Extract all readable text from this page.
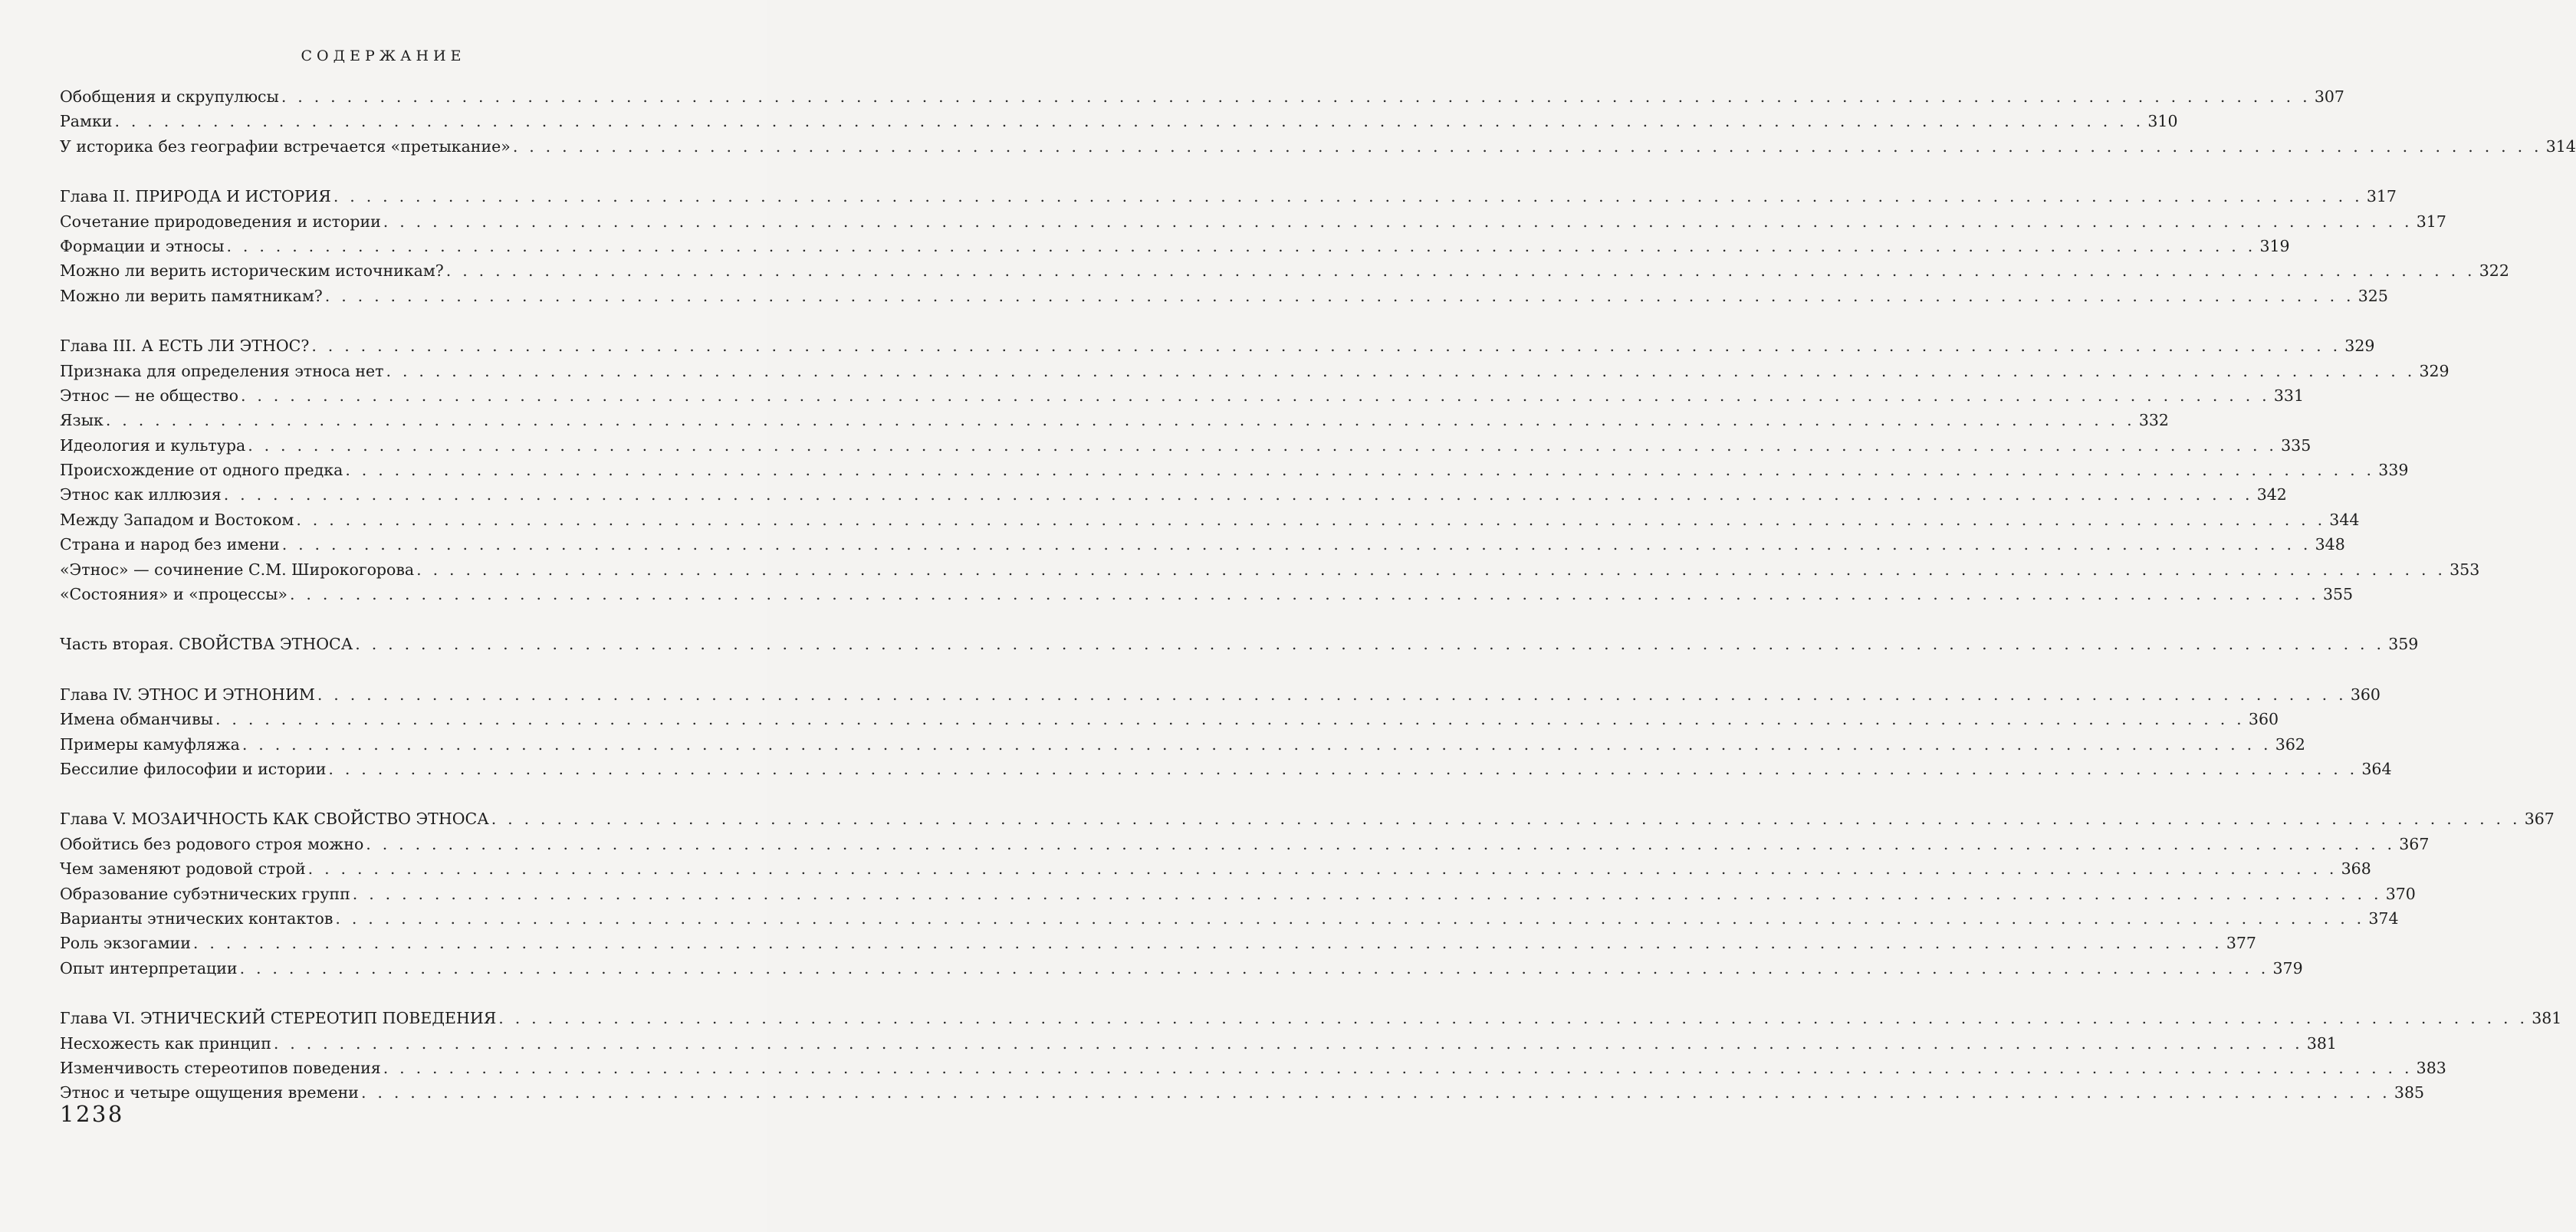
СОДЕРЖАНИЕ
Обобщения и скрупулюсы . . . . . . . . . . . . . . . . . . . . . . . . . . . . . . . . . . . . . . . . . . . . . . . . . . . . . . . . . . . . . . . . . . . . . . . . . . . . . . . . . . . . . . . . . . . . . . . . . . . . . . . . . . . . . . . . . . . . . . . . . . . . 307
Рамки . . . . . . . . . . . . . . . . . . . . . . . . . . . . . . . . . . . . . . . . . . . . . . . . . . . . . . . . . . . . . . . . . . . . . . . . . . . . . . . . . . . . . . . . . . . . . . . . . . . . . . . . . . . . . . . . . . . . . . . . . . . . 310
У историка без географии встречается «претыкание» . . . . . . . . . . . . . . . . . . . . . . . . . . . . . . . . . . . . . . . . . . . . . . . . . . . . . . . . . . . . . . . . . . . . . . . . . . . . . . . . . . . . . . . . . . . . . . . . . . . . . . . . . . . . . . . . . . . . . . . . . . . . 314
Глава II. ПРИРОДА И ИСТОРИЯ . . . . . . . . . . . . . . . . . . . . . . . . . . . . . . . . . . . . . . . . . . . . . . . . . . . . . . . . . . . . . . . . . . . . . . . . . . . . . . . . . . . . . . . . . . . . . . . . . . . . . . . . . . . . . . . . . . . . . . . . . . . . 317
Сочетание природоведения и истории . . . . . . . . . . . . . . . . . . . . . . . . . . . . . . . . . . . . . . . . . . . . . . . . . . . . . . . . . . . . . . . . . . . . . . . . . . . . . . . . . . . . . . . . . . . . . . . . . . . . . . . . . . . . . . . . . . . . . . . . . . . . 317
Формации и этносы . . . . . . . . . . . . . . . . . . . . . . . . . . . . . . . . . . . . . . . . . . . . . . . . . . . . . . . . . . . . . . . . . . . . . . . . . . . . . . . . . . . . . . . . . . . . . . . . . . . . . . . . . . . . . . . . . . . . . . . . . . . . 319
Можно ли верить историческим источникам? . . . . . . . . . . . . . . . . . . . . . . . . . . . . . . . . . . . . . . . . . . . . . . . . . . . . . . . . . . . . . . . . . . . . . . . . . . . . . . . . . . . . . . . . . . . . . . . . . . . . . . . . . . . . . . . . . . . . . . . . . . . . 322
Можно ли верить памятникам? . . . . . . . . . . . . . . . . . . . . . . . . . . . . . . . . . . . . . . . . . . . . . . . . . . . . . . . . . . . . . . . . . . . . . . . . . . . . . . . . . . . . . . . . . . . . . . . . . . . . . . . . . . . . . . . . . . . . . . . . . . . . 325
Глава III. А ЕСТЬ ЛИ ЭТНОС? . . . . . . . . . . . . . . . . . . . . . . . . . . . . . . . . . . . . . . . . . . . . . . . . . . . . . . . . . . . . . . . . . . . . . . . . . . . . . . . . . . . . . . . . . . . . . . . . . . . . . . . . . . . . . . . . . . . . . . . . . . . . 329
Признака для определения этноса нет . . . . . . . . . . . . . . . . . . . . . . . . . . . . . . . . . . . . . . . . . . . . . . . . . . . . . . . . . . . . . . . . . . . . . . . . . . . . . . . . . . . . . . . . . . . . . . . . . . . . . . . . . . . . . . . . . . . . . . . . . . . . 329
Этнос — не общество . . . . . . . . . . . . . . . . . . . . . . . . . . . . . . . . . . . . . . . . . . . . . . . . . . . . . . . . . . . . . . . . . . . . . . . . . . . . . . . . . . . . . . . . . . . . . . . . . . . . . . . . . . . . . . . . . . . . . . . . . . . . 331
Язык . . . . . . . . . . . . . . . . . . . . . . . . . . . . . . . . . . . . . . . . . . . . . . . . . . . . . . . . . . . . . . . . . . . . . . . . . . . . . . . . . . . . . . . . . . . . . . . . . . . . . . . . . . . . . . . . . . . . . . . . . . . . 332
Идеология и культура . . . . . . . . . . . . . . . . . . . . . . . . . . . . . . . . . . . . . . . . . . . . . . . . . . . . . . . . . . . . . . . . . . . . . . . . . . . . . . . . . . . . . . . . . . . . . . . . . . . . . . . . . . . . . . . . . . . . . . . . . . . . 335
Происхождение от одного предка . . . . . . . . . . . . . . . . . . . . . . . . . . . . . . . . . . . . . . . . . . . . . . . . . . . . . . . . . . . . . . . . . . . . . . . . . . . . . . . . . . . . . . . . . . . . . . . . . . . . . . . . . . . . . . . . . . . . . . . . . . . . 339
Этнос как иллюзия . . . . . . . . . . . . . . . . . . . . . . . . . . . . . . . . . . . . . . . . . . . . . . . . . . . . . . . . . . . . . . . . . . . . . . . . . . . . . . . . . . . . . . . . . . . . . . . . . . . . . . . . . . . . . . . . . . . . . . . . . . . . 342
Между Западом и Востоком . . . . . . . . . . . . . . . . . . . . . . . . . . . . . . . . . . . . . . . . . . . . . . . . . . . . . . . . . . . . . . . . . . . . . . . . . . . . . . . . . . . . . . . . . . . . . . . . . . . . . . . . . . . . . . . . . . . . . . . . . . . . 344
Страна и народ без имени . . . . . . . . . . . . . . . . . . . . . . . . . . . . . . . . . . . . . . . . . . . . . . . . . . . . . . . . . . . . . . . . . . . . . . . . . . . . . . . . . . . . . . . . . . . . . . . . . . . . . . . . . . . . . . . . . . . . . . . . . . . . 348
«Этнос» — сочинение С.М. Широкогорова . . . . . . . . . . . . . . . . . . . . . . . . . . . . . . . . . . . . . . . . . . . . . . . . . . . . . . . . . . . . . . . . . . . . . . . . . . . . . . . . . . . . . . . . . . . . . . . . . . . . . . . . . . . . . . . . . . . . . . . . . . . . 353
«Состояния» и «процессы» . . . . . . . . . . . . . . . . . . . . . . . . . . . . . . . . . . . . . . . . . . . . . . . . . . . . . . . . . . . . . . . . . . . . . . . . . . . . . . . . . . . . . . . . . . . . . . . . . . . . . . . . . . . . . . . . . . . . . . . . . . . . 355
Часть вторая. СВОЙСТВА ЭТНОСА . . . . . . . . . . . . . . . . . . . . . . . . . . . . . . . . . . . . . . . . . . . . . . . . . . . . . . . . . . . . . . . . . . . . . . . . . . . . . . . . . . . . . . . . . . . . . . . . . . . . . . . . . . . . . . . . . . . . . . . . . . . . 359
Глава IV. ЭТНОС И ЭТНОНИМ . . . . . . . . . . . . . . . . . . . . . . . . . . . . . . . . . . . . . . . . . . . . . . . . . . . . . . . . . . . . . . . . . . . . . . . . . . . . . . . . . . . . . . . . . . . . . . . . . . . . . . . . . . . . . . . . . . . . . . . . . . . . 360
Имена обманчивы . . . . . . . . . . . . . . . . . . . . . . . . . . . . . . . . . . . . . . . . . . . . . . . . . . . . . . . . . . . . . . . . . . . . . . . . . . . . . . . . . . . . . . . . . . . . . . . . . . . . . . . . . . . . . . . . . . . . . . . . . . . . 360
Примеры камуфляжа . . . . . . . . . . . . . . . . . . . . . . . . . . . . . . . . . . . . . . . . . . . . . . . . . . . . . . . . . . . . . . . . . . . . . . . . . . . . . . . . . . . . . . . . . . . . . . . . . . . . . . . . . . . . . . . . . . . . . . . . . . . . 362
Бессилие философии и истории . . . . . . . . . . . . . . . . . . . . . . . . . . . . . . . . . . . . . . . . . . . . . . . . . . . . . . . . . . . . . . . . . . . . . . . . . . . . . . . . . . . . . . . . . . . . . . . . . . . . . . . . . . . . . . . . . . . . . . . . . . . . 364
Глава V. МОЗАИЧНОСТЬ КАК СВОЙСТВО ЭТНОСА . . . . . . . . . . . . . . . . . . . . . . . . . . . . . . . . . . . . . . . . . . . . . . . . . . . . . . . . . . . . . . . . . . . . . . . . . . . . . . . . . . . . . . . . . . . . . . . . . . . . . . . . . . . . . . . . . . . . . . . . . . . . 367
Обойтись без родового строя можно . . . . . . . . . . . . . . . . . . . . . . . . . . . . . . . . . . . . . . . . . . . . . . . . . . . . . . . . . . . . . . . . . . . . . . . . . . . . . . . . . . . . . . . . . . . . . . . . . . . . . . . . . . . . . . . . . . . . . . . . . . . . 367
Чем заменяют родовой строй . . . . . . . . . . . . . . . . . . . . . . . . . . . . . . . . . . . . . . . . . . . . . . . . . . . . . . . . . . . . . . . . . . . . . . . . . . . . . . . . . . . . . . . . . . . . . . . . . . . . . . . . . . . . . . . . . . . . . . . . . . . . 368
Образование субэтнических групп . . . . . . . . . . . . . . . . . . . . . . . . . . . . . . . . . . . . . . . . . . . . . . . . . . . . . . . . . . . . . . . . . . . . . . . . . . . . . . . . . . . . . . . . . . . . . . . . . . . . . . . . . . . . . . . . . . . . . . . . . . . . 370
Варианты этнических контактов . . . . . . . . . . . . . . . . . . . . . . . . . . . . . . . . . . . . . . . . . . . . . . . . . . . . . . . . . . . . . . . . . . . . . . . . . . . . . . . . . . . . . . . . . . . . . . . . . . . . . . . . . . . . . . . . . . . . . . . . . . . . 374
Роль экзогамии . . . . . . . . . . . . . . . . . . . . . . . . . . . . . . . . . . . . . . . . . . . . . . . . . . . . . . . . . . . . . . . . . . . . . . . . . . . . . . . . . . . . . . . . . . . . . . . . . . . . . . . . . . . . . . . . . . . . . . . . . . . . 377
Опыт интерпретации . . . . . . . . . . . . . . . . . . . . . . . . . . . . . . . . . . . . . . . . . . . . . . . . . . . . . . . . . . . . . . . . . . . . . . . . . . . . . . . . . . . . . . . . . . . . . . . . . . . . . . . . . . . . . . . . . . . . . . . . . . . . 379
Глава VI. ЭТНИЧЕСКИЙ СТЕРЕОТИП ПОВЕДЕНИЯ . . . . . . . . . . . . . . . . . . . . . . . . . . . . . . . . . . . . . . . . . . . . . . . . . . . . . . . . . . . . . . . . . . . . . . . . . . . . . . . . . . . . . . . . . . . . . . . . . . . . . . . . . . . . . . . . . . . . . . . . . . . . 381
Несхожесть как принцип . . . . . . . . . . . . . . . . . . . . . . . . . . . . . . . . . . . . . . . . . . . . . . . . . . . . . . . . . . . . . . . . . . . . . . . . . . . . . . . . . . . . . . . . . . . . . . . . . . . . . . . . . . . . . . . . . . . . . . . . . . . . 381
Изменчивость стереотипов поведения . . . . . . . . . . . . . . . . . . . . . . . . . . . . . . . . . . . . . . . . . . . . . . . . . . . . . . . . . . . . . . . . . . . . . . . . . . . . . . . . . . . . . . . . . . . . . . . . . . . . . . . . . . . . . . . . . . . . . . . . . . . . 383
Этнос и четыре ощущения времени . . . . . . . . . . . . . . . . . . . . . . . . . . . . . . . . . . . . . . . . . . . . . . . . . . . . . . . . . . . . . . . . . . . . . . . . . . . . . . . . . . . . . . . . . . . . . . . . . . . . . . . . . . . . . . . . . . . . . . . . . . . . 385
1238
